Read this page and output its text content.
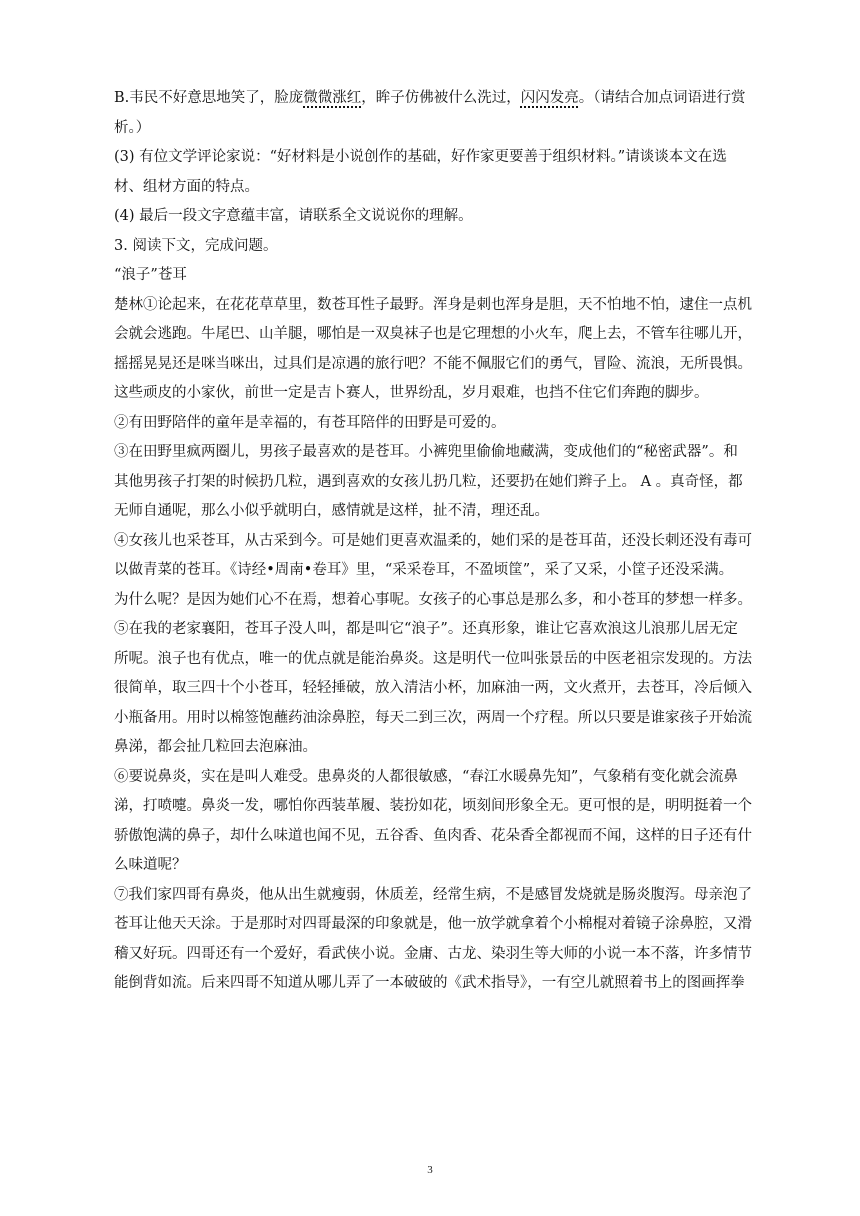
B.韦民不好意思地笑了，脸庞微微涨红，眸子仿佛被什么洗过，闪闪发亮。（请结合加点词语进行赏
析。）
(3) 有位文学评论家说：“好材料是小说创作的基础，好作家更要善于组织材料。”请谈谈本文在选
材、组材方面的特点。
(4) 最后一段文字意蕴丰富，请联系全文说说你的理解。
3. 阅读下文，完成问题。
“浪子”苍耳
楚林①论起来，在花花草草里，数苍耳性子最野。浑身是刺也浑身是胆，天不怕地不怕，逮住一点机
会就会逃跑。牛尾巴、山羊腿，哪怕是一双臭袜子也是它理想的小火车，爬上去，不管车往哪儿开，
摇摇晃晃还是咪当咪出，过具们是凉遇的旅行吧？不能不佩服它们的勇气，冒险、流浪，无所畏惧。
这些顽皮的小家伙，前世一定是吉卜赛人，世界纷乱，岁月艰难，也挡不住它们奔跑的脚步。
②有田野陪伴的童年是幸福的，有苍耳陪伴的田野是可爱的。
③在田野里疯两圈儿，男孩子最喜欢的是苍耳。小裤兜里偷偷地藏满，变成他们的“秘密武器”。和
其他男孩子打架的时候扔几粒，遇到喜欢的女孩儿扔几粒，还要扔在她们辫子上。 A 。真奇怪，都
无师自通呢，那么小似乎就明白，感情就是这样，扯不清，理还乱。
④女孩儿也采苍耳，从古采到今。可是她们更喜欢温柔的，她们采的是苍耳苗，还没长刺还没有毒可
以做青菜的苍耳。《诗经•周南•卷耳》里，“采采卷耳，不盈顷筐”，采了又采，小筐子还没采满。
为什么呢？是因为她们心不在焉，想着心事呢。女孩子的心事总是那么多，和小苍耳的梦想一样多。
⑤在我的老家襄阳，苍耳子没人叫，都是叫它“浪子”。还真形象，谁让它喜欢浪这儿浪那儿居无定
所呢。浪子也有优点，唯一的优点就是能治鼻炎。这是明代一位叫张景岳的中医老祖宗发现的。方法
很简单，取三四十个小苍耳，轻轻捶破，放入清洁小杯，加麻油一两，文火煮开，去苍耳，冷后倾入
小瓶备用。用时以棉签饱蘸药油涂鼻腔，每天二到三次，两周一个疗程。所以只要是谁家孩子开始流
鼻涕，都会扯几粒回去泡麻油。
⑥要说鼻炎，实在是叫人难受。患鼻炎的人都很敏感，“春江水暖鼻先知”，气象稍有变化就会流鼻
涕，打喷嚏。鼻炎一发，哪怕你西装革履、装扮如花，顷刻间形象全无。更可恨的是，明明挺着一个
骄傲饱满的鼻子，却什么味道也闻不见，五谷香、鱼肉香、花朵香全都视而不闻，这样的日子还有什
么味道呢？
⑦我们家四哥有鼻炎，他从出生就瘦弱，休质差，经常生病，不是感冒发烧就是肠炎腹泻。母亲泡了
苍耳让他天天涂。于是那时对四哥最深的印象就是，他一放学就拿着个小棉棍对着镜子涂鼻腔，又滑
稽又好玩。四哥还有一个爱好，看武侠小说。金庸、古龙、染羽生等大师的小说一本不落，许多情节
能倒背如流。后来四哥不知道从哪儿弄了一本破破的《武术指导》，一有空儿就照着书上的图画挥拳
3
